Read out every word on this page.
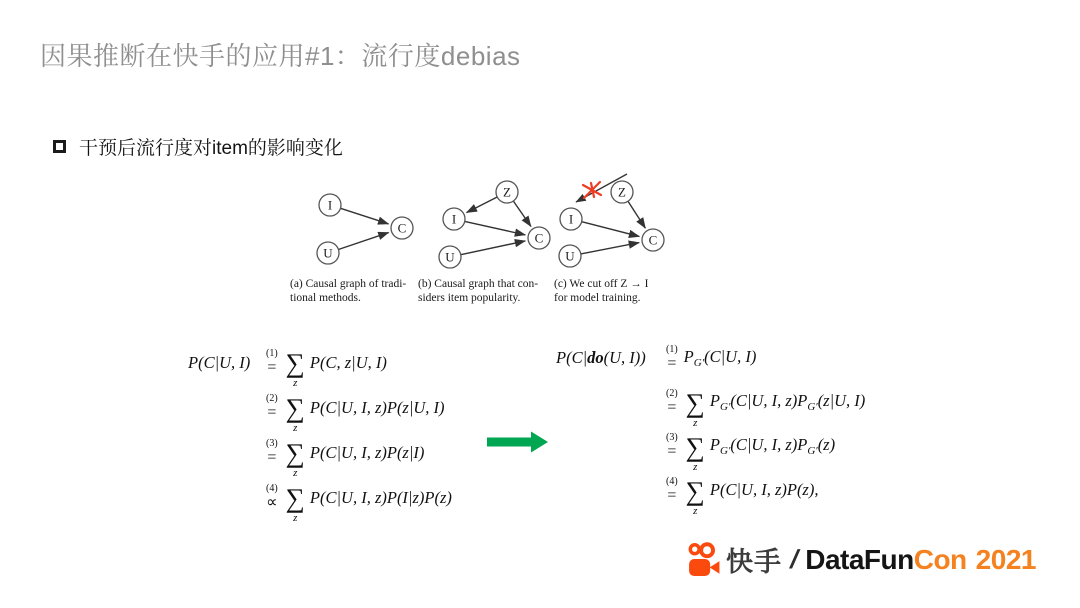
因果推断在快手的应用#1：流行度debias
干预后流行度对item的影响变化
I
U
C
Z
I
U
C
Z
I
U
C
(a) Causal graph of tradi-
tional methods.
(b) Causal graph that con-
siders item popularity.
(c) We cut off Z → I
for model training.
P(C|U, I)	(1)
= ∑
z
P(C, z|U, I)
(2)
= ∑
z
P(C|U, I, z)P(z|U, I)
(3)
= ∑
z
P(C|U, I, z)P(z|I)
(4)
∝ ∑
z
P(C|U, I, z)P(I|z)P(z)
P(C|do(U, I))	(1)
= $P_{G'}(C|U$, I)
(2)
= ∑
z
$P_{G'}(C|U$, I, $z)P_{G'}(z|U$, I)
(3)
= ∑
z
$P_{G'}(C|U$, I, $z)P_{G'}(z)$
(4)
= ∑
z
P(C|U, I, z)P(z),
快手 / DataFun Con 2021
